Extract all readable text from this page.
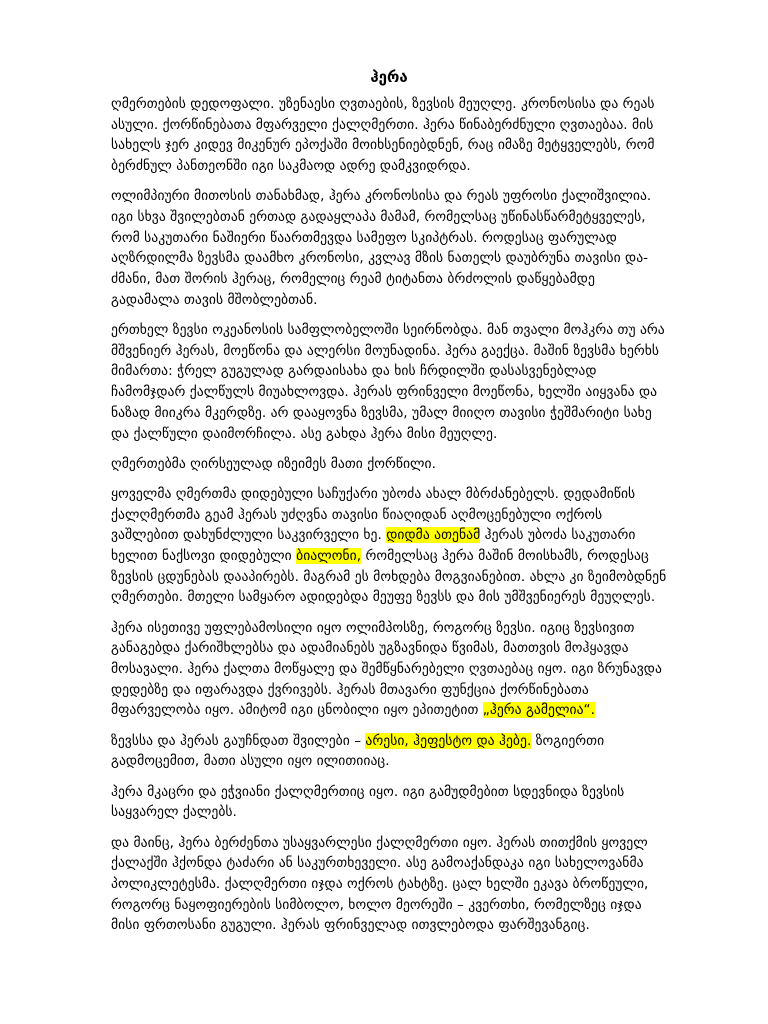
ჰერა

ღმერთების დედოფალი. უზენაესი ღვთაების, ზევსის მეუღლე. კრონოსისა და რეას ასული. ქორწინებათა მფარველი ქალღმერთი. ჰერა წინაბერძნული ღვთაებაა. მის სახელს ჯერ კიდევ მიკენურ ეპოქაში მოიხსენიებდნენ, რაც იმაზე მეტყველებს, რომ ბერძნულ პანთეონში იგი საკმაოდ ადრე დამკვიდრდა.

ოლიმპიური მითოსის თანახმად, ჰერა კრონოსისა და რეას უფროსი ქალიშვილია. იგი სხვა შვილებთან ერთად გადაყლაპა მამამ, რომელსაც უწინასწარმეტყველეს, რომ საკუთარი ნაშიერი წაართმევდა სამეფო სკიპტრას. როდესაც ფარულად აღზრდილმა ზევსმა დაამხო კრონოსი, კვლავ მზის ნათელს დაუბრუნა თავისი და-ძმანი, მათ შორის ჰერაც, რომელიც რეამ ტიტანთა ბრძოლის დაწყებამდე გადამალა თავის მშობლებთან.

ერთხელ ზევსი ოკეანოსის სამფლობელოში სეირნობდა. მან თვალი მოჰკრა თუ არა მშვენიერ ჰერას, მოეწონა და ალერსი მოუნადინა. ჰერა გაექცა. მაშინ ზევსმა ხერხს მიმართა: ჭრელ გუგულად გარდაისახა და ხის ჩრდილში დასასვენებლად ჩამომჯდარ ქალწულს მიუახლოვდა. ჰერას ფრინველი მოეწონა, ხელში აიყვანა და ნაზად მიიკრა მკერდზე. არ დააყოვნა ზევსმა, უმალ მიიღო თავისი ჭეშმარიტი სახე და ქალწული დაიმორჩილა. ასე გახდა ჰერა მისი მეუღლე.

ღმერთებმა ღირსეულად იზეიმეს მათი ქორწილი.

ყოველმა ღმერთმა დიდებული საჩუქარი უბოძა ახალ მბრძანებელს. დედამიწის ქალღმერთმა გეამ ჰერას უძღვნა თავისი წიაღიდან აღმოცენებული ოქროს ვაშლებით დახუნძლული საკვირველი ხე. დიდმა ათენამ ჰერას უბოძა საკუთარი ხელით ნაქსოვი დიდებული ბიალონი, რომელსაც ჰერა მაშინ მოისხამს, როდესაც ზევსის ცდუნებას დააპირებს. მაგრამ ეს მოხდება მოგვიანებით. ახლა კი ზეიმობდნენ ღმერთები. მთელი სამყარო ადიდებდა მეუფე ზევსს და მის უმშვენიერეს მეუღლეს.

ჰერა ისეთივე უფლებამოსილი იყო ოლიმპოსზე, როგორც ზევსი. იგიც ზევსივით განაგებდა ქარიშხლებსა და ადამიანებს უგზავნიდა წვიმას, მათთვის მოჰყავდა მოსავალი. ჰერა ქალთა მოწყალე და შემწყნარებელი ღვთაებაც იყო. იგი ზრუნავდა დედებზე და იფარავდა ქვრივებს. ჰერას მთავარი ფუნქცია ქორწინებათა მფარველობა იყო. ამიტომ იგი ცნობილი იყო ეპითეტით „ჰერა გამელია“.

ზევსსა და ჰერას გაუჩნდათ შვილები – არესი, ჰეფესტო და ჰებე. ზოგიერთი გადმოცემით, მათი ასული იყო ილითიიაც.

ჰერა მკაცრი და ეჭვიანი ქალღმერთიც იყო. იგი გამუდმებით სდევნიდა ზევსის საყვარელ ქალებს.

და მაინც, ჰერა ბერძენთა უსაყვარლესი ქალღმერთი იყო. ჰერას თითქმის ყოველ ქალაქში ჰქონდა ტაძარი ან საკურთხეველი. ასე გამოაქანდაკა იგი სახელოვანმა პოლიკლეტესმა. ქალღმერთი იჯდა ოქროს ტახტზე. ცალ ხელში ეკავა ბროწეული, როგორც ნაყოფიერების სიმბოლო, ხოლო მეორეში – კვერთხი, რომელზეც იჯდა მისი ფრთოსანი გუგული. ჰერას ფრინველად ითვლებოდა ფარშევანგიც.
